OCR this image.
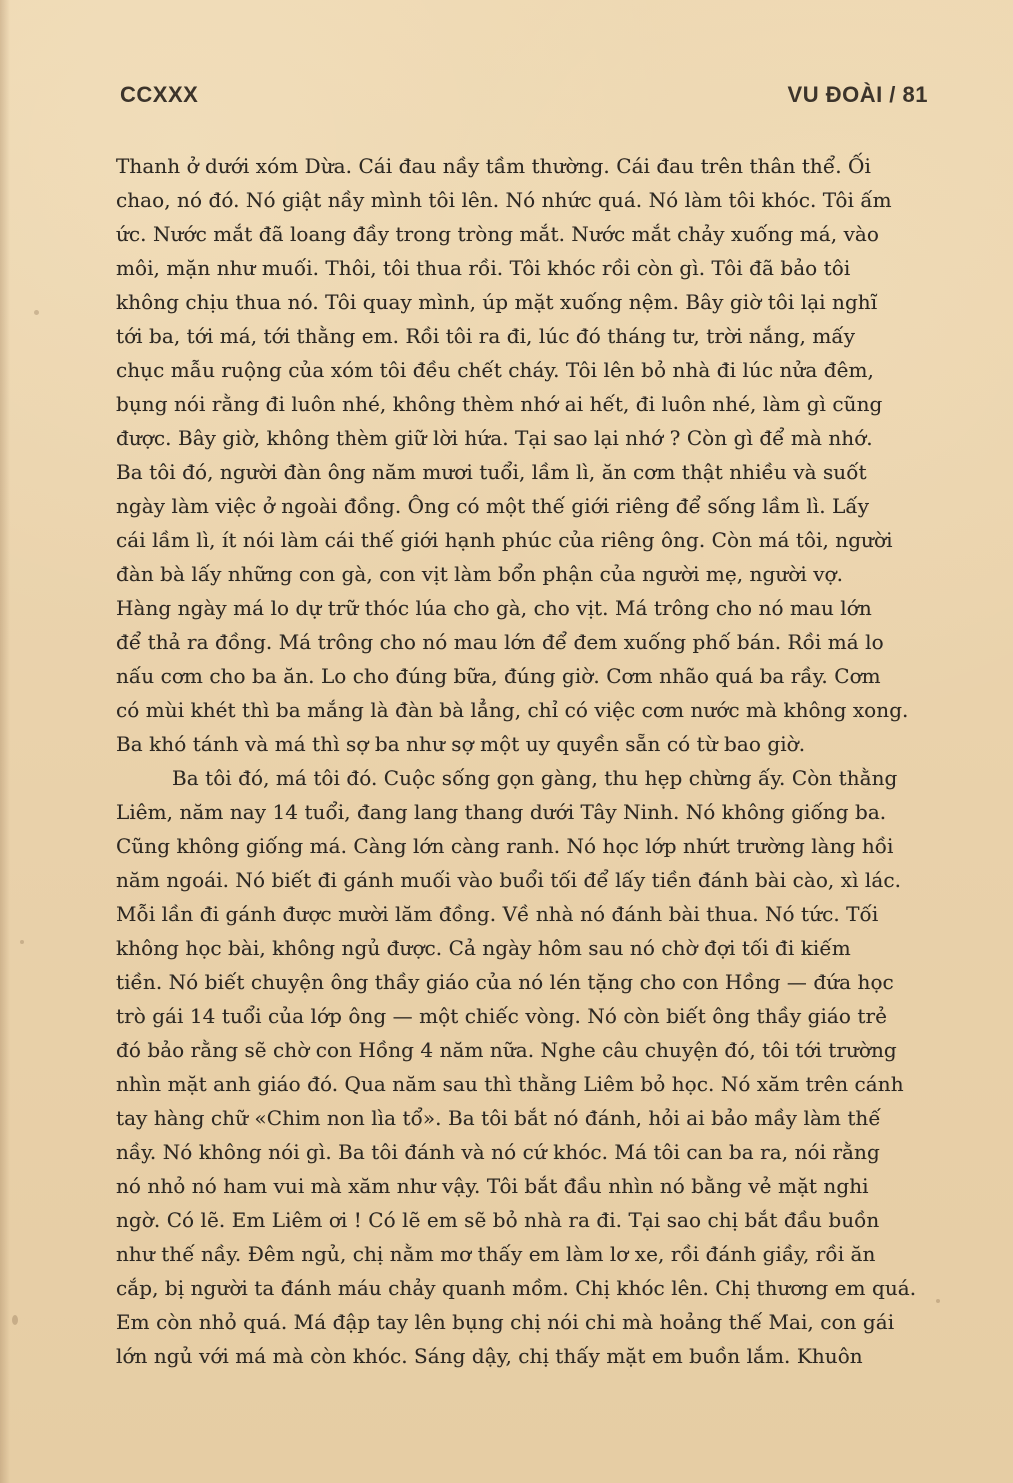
CCXXX	VU ĐOÀI / 81
Thanh ở dưới xóm Dừa. Cái đau nầy tầm thường. Cái đau trên thân thể. Ối
chao, nó đó. Nó giật nầy mình tôi lên. Nó nhức quá. Nó làm tôi khóc. Tôi ấm
ức. Nước mắt đã loang đầy trong tròng mắt. Nước mắt chảy xuống má, vào
môi, mặn như muối. Thôi, tôi thua rồi. Tôi khóc rồi còn gì. Tôi đã bảo tôi
không chịu thua nó. Tôi quay mình, úp mặt xuống nệm. Bây giờ tôi lại nghĩ
tới ba, tới má, tới thằng em. Rồi tôi ra đi, lúc đó tháng tư, trời nắng, mấy
chục mẫu ruộng của xóm tôi đều chết cháy. Tôi lên bỏ nhà đi lúc nửa đêm,
bụng nói rằng đi luôn nhé, không thèm nhớ ai hết, đi luôn nhé, làm gì cũng
được. Bây giờ, không thèm giữ lời hứa. Tại sao lại nhớ ? Còn gì để mà nhớ.
Ba tôi đó, người đàn ông năm mươi tuổi, lầm lì, ăn cơm thật nhiều và suốt
ngày làm việc ở ngoài đồng. Ông có một thế giới riêng để sống lầm lì. Lấy
cái lầm lì, ít nói làm cái thế giới hạnh phúc của riêng ông. Còn má tôi, người
đàn bà lấy những con gà, con vịt làm bổn phận của người mẹ, người vợ.
Hàng ngày má lo dự trữ thóc lúa cho gà, cho vịt. Má trông cho nó mau lớn
để thả ra đồng. Má trông cho nó mau lớn để đem xuống phố bán. Rồi má lo
nấu cơm cho ba ăn. Lo cho đúng bữa, đúng giờ. Cơm nhão quá ba rầy. Cơm
có mùi khét thì ba mắng là đàn bà lẳng, chỉ có việc cơm nước mà không xong.
Ba khó tánh và má thì sợ ba như sợ một uy quyền sẵn có từ bao giờ.
Ba tôi đó, má tôi đó. Cuộc sống gọn gàng, thu hẹp chừng ấy. Còn thằng
Liêm, năm nay 14 tuổi, đang lang thang dưới Tây Ninh. Nó không giống ba.
Cũng không giống má. Càng lớn càng ranh. Nó học lớp nhứt trường làng hồi
năm ngoái. Nó biết đi gánh muối vào buổi tối để lấy tiền đánh bài cào, xì lác.
Mỗi lần đi gánh được mười lăm đồng. Về nhà nó đánh bài thua. Nó tức. Tối
không học bài, không ngủ được. Cả ngày hôm sau nó chờ đợi tối đi kiếm
tiền. Nó biết chuyện ông thầy giáo của nó lén tặng cho con Hồng — đứa học
trò gái 14 tuổi của lớp ông — một chiếc vòng. Nó còn biết ông thầy giáo trẻ
đó bảo rằng sẽ chờ con Hồng 4 năm nữa. Nghe câu chuyện đó, tôi tới trường
nhìn mặt anh giáo đó. Qua năm sau thì thằng Liêm bỏ học. Nó xăm trên cánh
tay hàng chữ «Chim non lìa tổ». Ba tôi bắt nó đánh, hỏi ai bảo mầy làm thế
nầy. Nó không nói gì. Ba tôi đánh và nó cứ khóc. Má tôi can ba ra, nói rằng
nó nhỏ nó ham vui mà xăm như vậy. Tôi bắt đầu nhìn nó bằng vẻ mặt nghi
ngờ. Có lẽ. Em Liêm ơi ! Có lẽ em sẽ bỏ nhà ra đi. Tại sao chị bắt đầu buồn
như thế nầy. Đêm ngủ, chị nằm mơ thấy em làm lơ xe, rồi đánh giầy, rồi ăn
cắp, bị người ta đánh máu chảy quanh mồm. Chị khóc lên. Chị thương em quá.
Em còn nhỏ quá. Má đập tay lên bụng chị nói chi mà hoảng thế Mai, con gái
lớn ngủ với má mà còn khóc. Sáng dậy, chị thấy mặt em buồn lắm. Khuôn
